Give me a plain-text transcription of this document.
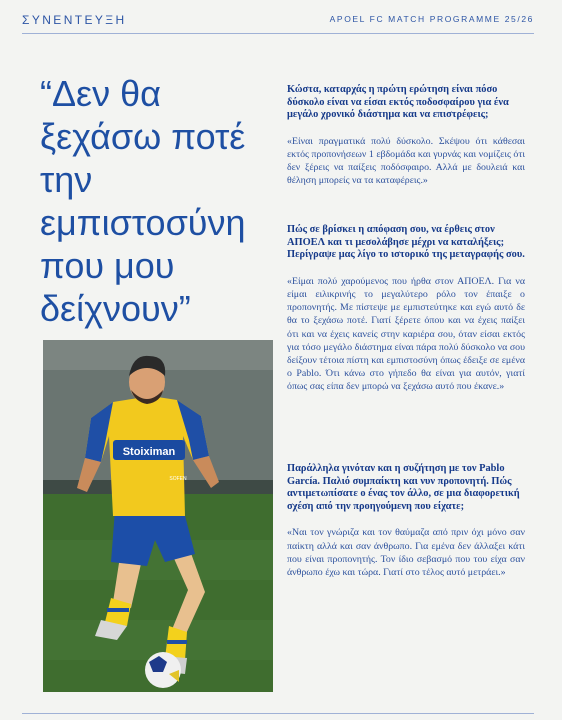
ΣΥΝΕΝΤΕΥΞΗ	APOEL FC MATCH PROGRAMME 25/26
“Δεν θα ξεχάσω ποτέ την εμπιστοσύνη που μου δείχνουν”
Stoiximan
SOFEN

Κώστα, καταρχάς η πρώτη ερώτηση είναι πόσο δύσκολο είναι να είσαι εκτός ποδοσφαίρου για ένα μεγάλο χρονικό διάστημα και να επιστρέφεις;

«Είναι πραγματικά πολύ δύσκολο. Σκέψου ότι κάθεσαι εκτός προπονήσεων 1 εβδομάδα και γυρνάς και νομίζεις ότι δεν ξέρεις να παίξεις ποδόσφαιρο. Αλλά με δουλειά και θέληση μπορείς να τα καταφέρεις.»

Πώς σε βρίσκει η απόφαση σου, να έρθεις στον ΑΠΟΕΛ και τι μεσολάβησε μέχρι να καταλήξεις; Περίγραψε μας λίγο το ιστορικό της μεταγραφής σου.

«Είμαι πολύ χαρούμενος που ήρθα στον ΑΠΟΕΛ. Για να είμαι ειλικρινής το μεγαλύτερο ρόλο τον έπαιξε ο προπονητής. Με πίστεψε με εμπιστεύτηκε και εγώ αυτό δε θα το ξεχάσω ποτέ. Γιατί ξέρετε όπου και να έχεις παίξει ότι και να έχεις κανείς στην καριέρα σου, όταν είσαι εκτός για τόσο μεγάλο διάστημα είναι πάρα πολύ δύσκολο να σου δείξουν τέτοια πίστη και εμπιστοσύνη όπως έδειξε σε εμένα ο Pablo. Ότι κάνω στο γήπεδο θα είναι για αυτόν, γιατί όπως σας είπα δεν μπορώ να ξεχάσω αυτό που έκανε.»

Παράλληλα γινόταν και η συζήτηση με τον Pablo García. Παλιό συμπαίκτη και νυν προπονητή. Πώς αντιμετωπίσατε ο ένας τον άλλο, σε μια διαφορετική σχέση από την προηγούμενη που είχατε;

«Ναι τον γνώριζα και τον θαύμαζα από πριν όχι μόνο σαν παίκτη αλλά και σαν άνθρωπο. Για εμένα δεν άλλαξει κάτι που είναι προπονητής. Τον ίδιο σεβασμό που του είχα σαν άνθρωπο έχω και τώρα. Γιατί στο τέλος αυτό μετράει.»
